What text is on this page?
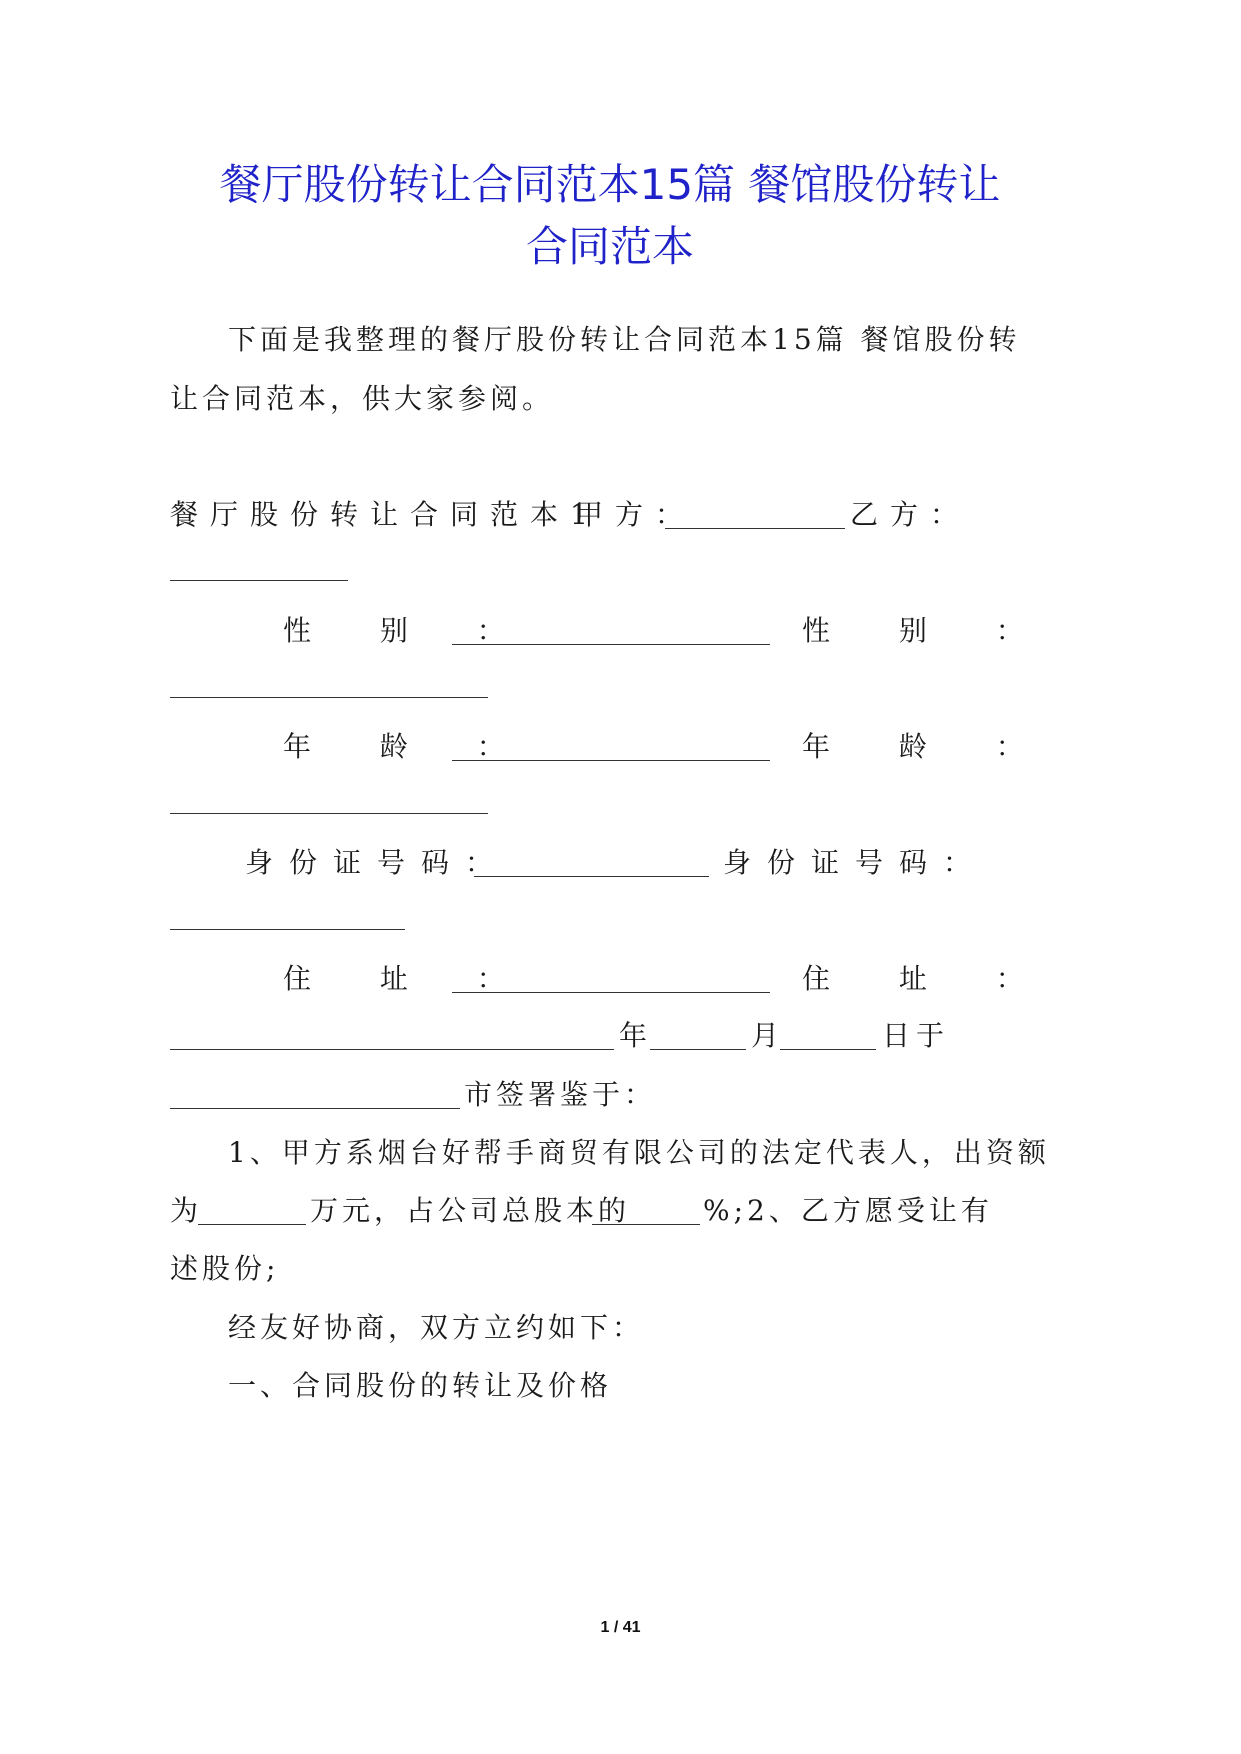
餐厅股份转让合同范本15篇 餐馆股份转让
合同范本
下面是我整理的餐厅股份转让合同范本15篇 餐馆股份转
让合同范本，供大家参阅。
餐厅股份转让合同范本1
甲方：	乙方：
性 别 ：	性 别 ：
年 龄 ：	年 龄 ：
身份证号码：	身份证号码：
住 址 ：	住 址 ：
年	月	日于
市签署鉴于：
1、甲方系烟台好帮手商贸有限公司的法定代表人，出资额
为	万元，占公司总股本的	%;2、乙方愿受让有
述股份;
经友好协商，双方立约如下：
一、合同股份的转让及价格
1 / 41
